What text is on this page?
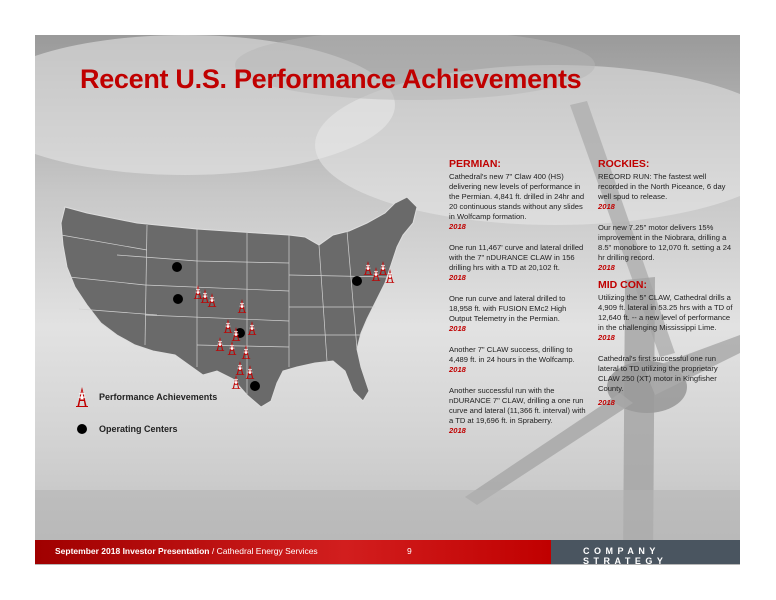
Recent U.S. Performance Achievements
Performance Achievements
Operating Centers
PERMIAN:
Cathedral's new 7" Claw 400 (HS) delivering new levels of performance in the Permian. 4,841 ft. drilled in 24hr and 20 continuous stands without any slides in Wolfcamp formation.
2018
One run 11,467' curve and lateral drilled with the 7" nDURANCE CLAW in 156 drilling hrs with a TD at 20,102 ft.
2018
One run curve and lateral drilled to 18,958 ft. with FUSION EMc2 High Output Telemetry in the Permian.
2018
Another 7" CLAW success, drilling to 4,489 ft. in 24 hours in the Wolfcamp.
2018
Another successful run with the nDURANCE 7" CLAW, drilling a one run curve and lateral (11,366 ft. interval) with a TD at 19,696 ft. in Spraberry.
2018
ROCKIES:
RECORD RUN: The fastest well recorded in the North Piceance, 6 day well spud to release.
2018
Our new 7.25" motor delivers 15% improvement in the Niobrara, drilling a 8.5" monobore to 12,070 ft. setting a 24 hr drilling record.
2018
MID CON:
Utilizing the 5" CLAW, Cathedral drills a 4,909 ft. lateral in 53.25 hrs with a TD of 12,640 ft. -- a new level of performance in the challenging Mississippi Lime.
2018
Cathedral's first successful one run lateral to TD utilizing the proprietary CLAW 250 (XT) motor in Kingfisher County.
2018
September 2018 Investor Presentation / Cathedral Energy Services	9	COMPANY STRATEGY
